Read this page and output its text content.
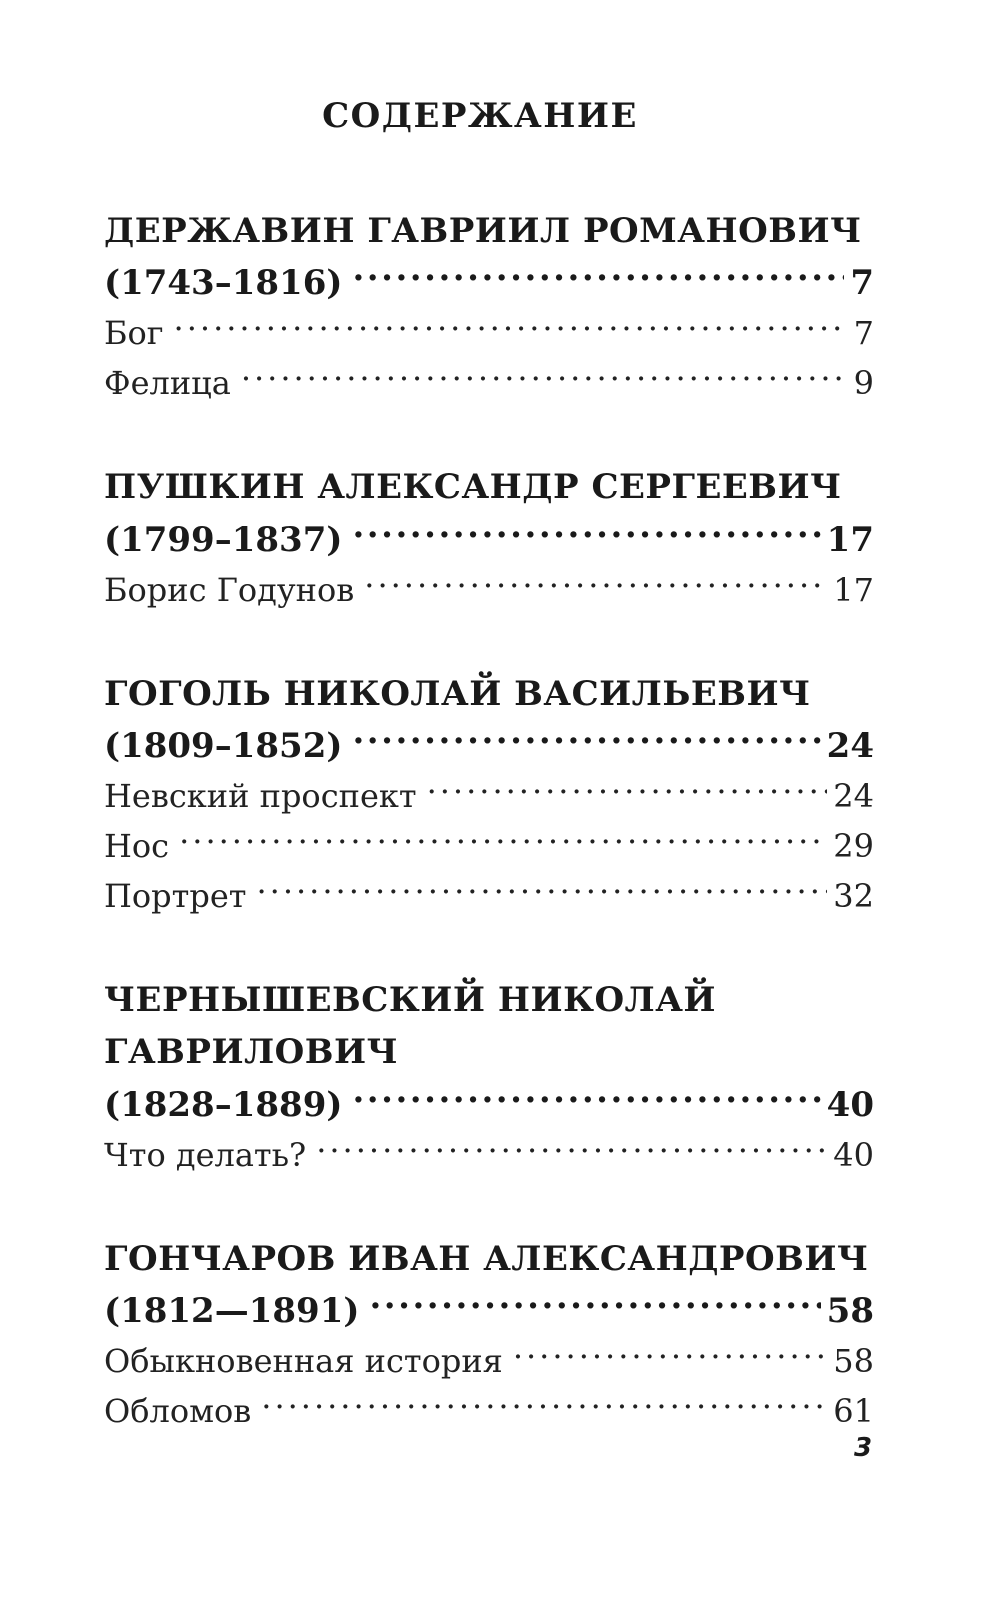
СОДЕРЖАНИЕ
ДЕРЖАВИН ГАВРИИЛ РОМАНОВИЧ
(1743–1816) .....	7
Бог .....	7
Фелица .....	9
ПУШКИН АЛЕКСАНДР СЕРГЕЕВИЧ
(1799–1837) .....	17
Борис Годунов .....	17
ГОГОЛЬ НИКОЛАЙ ВАСИЛЬЕВИЧ
(1809–1852) .....	24
Невский проспект .....	24
Нос .....	29
Портрет .....	32
ЧЕРНЫШЕВСКИЙ НИКОЛАЙ
ГАВРИЛОВИЧ
(1828–1889) .....	40
Что делать? .....	40
ГОНЧАРОВ ИВАН АЛЕКСАНДРОВИЧ
(1812—1891) .....	58
Обыкновенная история .....	58
Обломов .....	61
3
